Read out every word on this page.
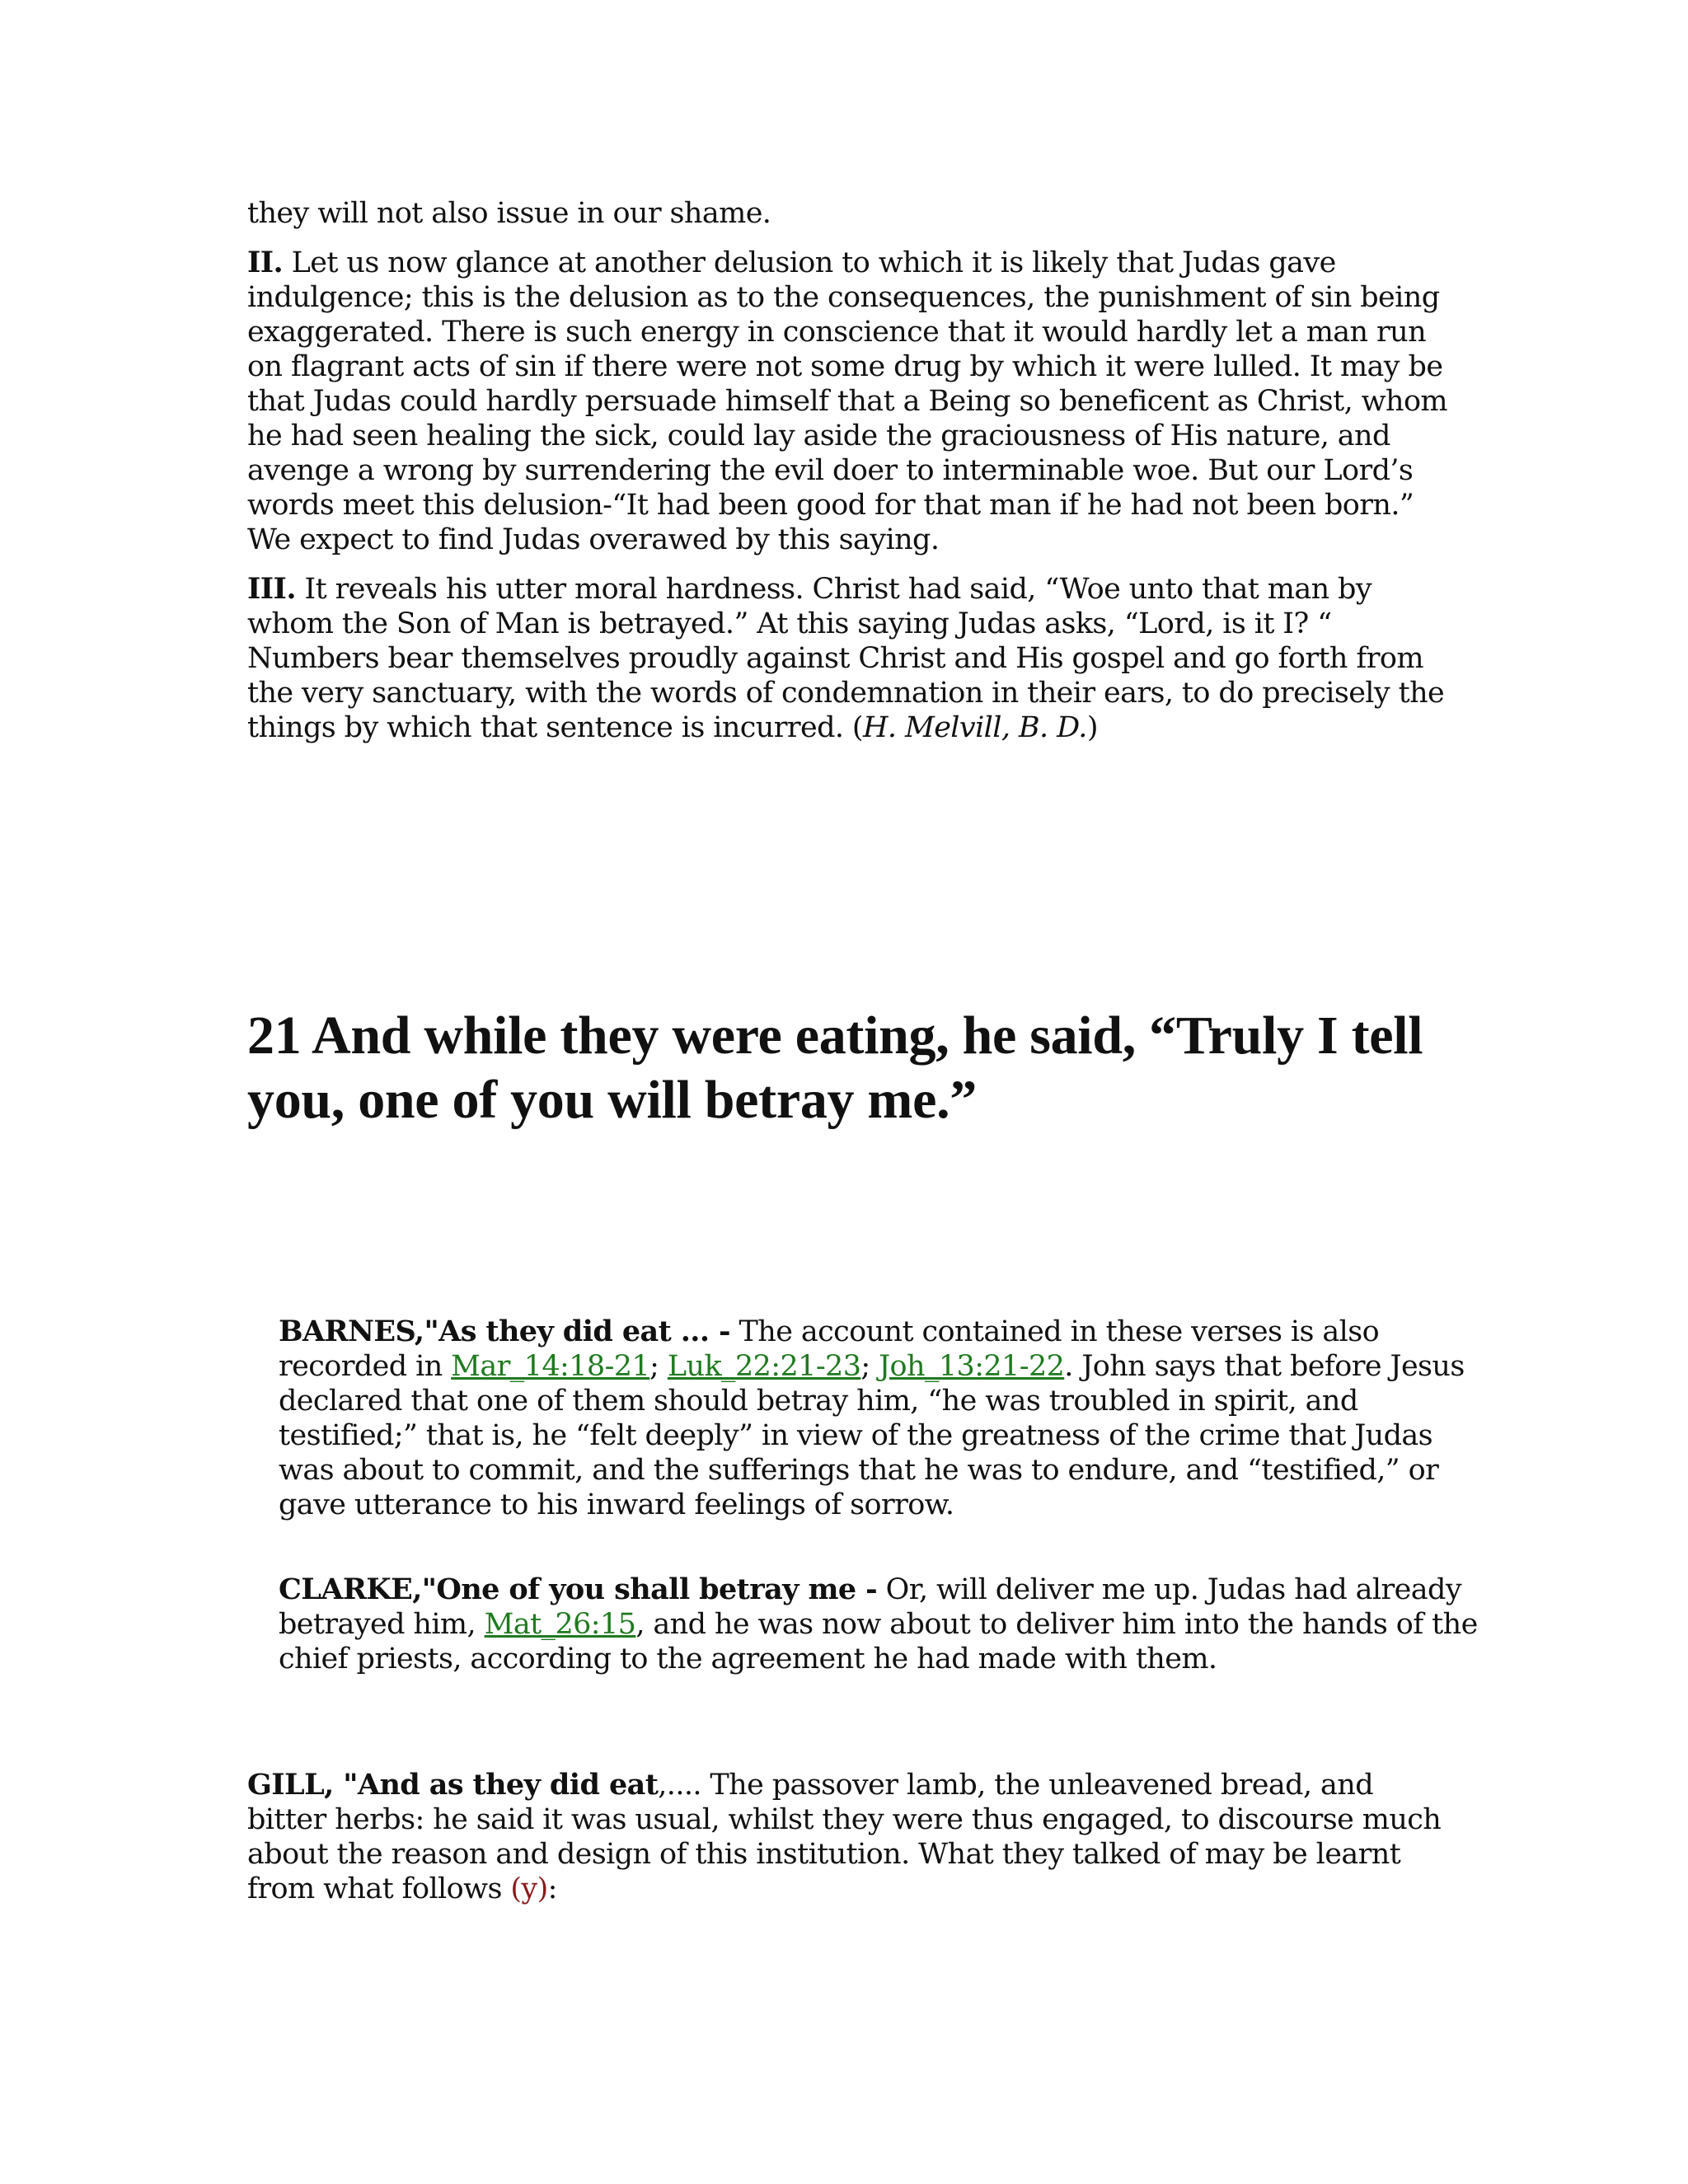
they will not also issue in our shame.

II. Let us now glance at another delusion to which it is likely that Judas gave indulgence; this is the delusion as to the consequences, the punishment of sin being exaggerated. There is such energy in conscience that it would hardly let a man run on flagrant acts of sin if there were not some drug by which it were lulled. It may be that Judas could hardly persuade himself that a Being so beneficent as Christ, whom he had seen healing the sick, could lay aside the graciousness of His nature, and avenge a wrong by surrendering the evil doer to interminable woe. But our Lord’s words meet this delusion-“It had been good for that man if he had not been born.” We expect to find Judas overawed by this saying.

III. It reveals his utter moral hardness. Christ had said, “Woe unto that man by whom the Son of Man is betrayed.” At this saying Judas asks, “Lord, is it I? “ Numbers bear themselves proudly against Christ and His gospel and go forth from the very sanctuary, with the words of condemnation in their ears, to do precisely the things by which that sentence is incurred. (H. Melvill, B. D.)

21 And while they were eating, he said, “Truly I tell you, one of you will betray me.”

BARNES,"As they did eat ... - The account contained in these verses is also recorded in Mar_14:18-21; Luk_22:21-23; Joh_13:21-22. John says that before Jesus declared that one of them should betray him, “he was troubled in spirit, and testified;” that is, he “felt deeply” in view of the greatness of the crime that Judas was about to commit, and the sufferings that he was to endure, and “testified,” or gave utterance to his inward feelings of sorrow.

CLARKE,"One of you shall betray me - Or, will deliver me up. Judas had already betrayed him, Mat_26:15, and he was now about to deliver him into the hands of the chief priests, according to the agreement he had made with them.

GILL, "And as they did eat,.... The passover lamb, the unleavened bread, and bitter herbs: he said it was usual, whilst they were thus engaged, to discourse much about the reason and design of this institution. What they talked of may be learnt from what follows (y):
